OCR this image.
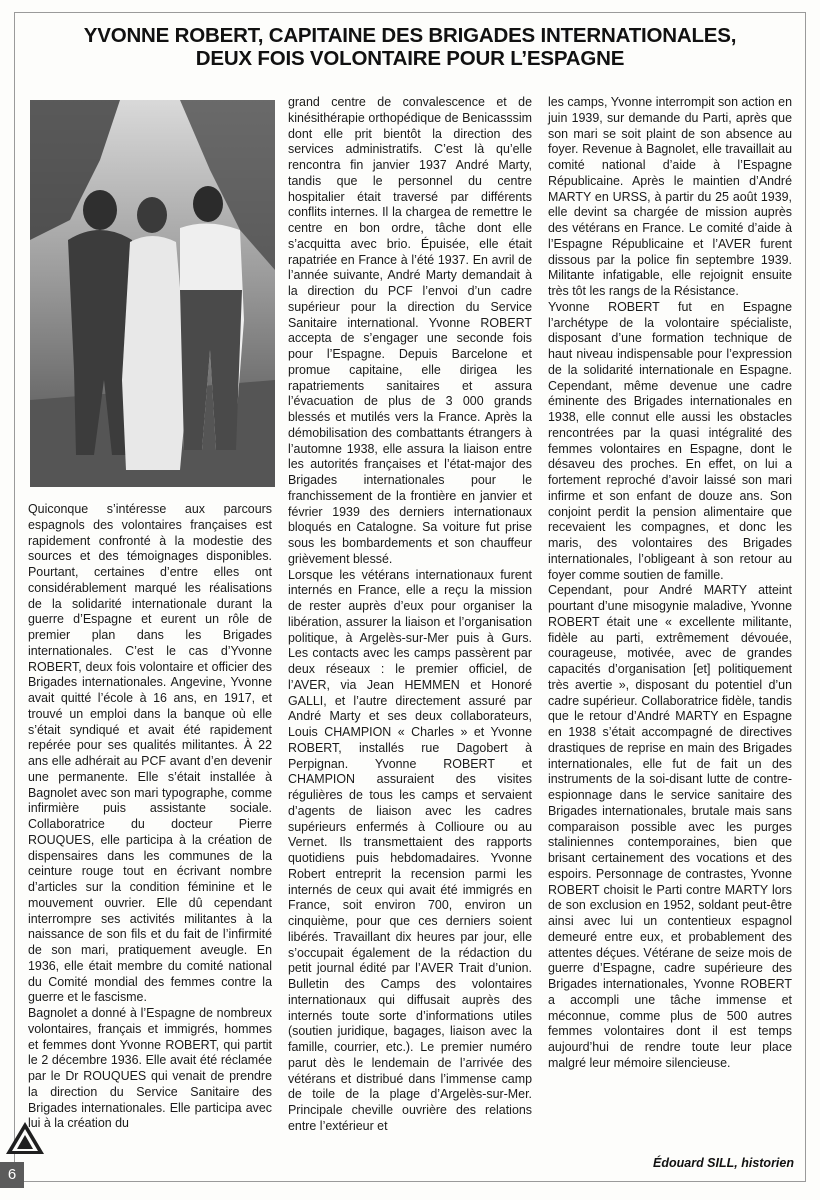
YVONNE ROBERT, CAPITAINE DES BRIGADES INTERNATIONALES,
DEUX FOIS VOLONTAIRE POUR L’ESPAGNE

Quiconque s’intéresse aux parcours espagnols des volontaires françaises est rapidement confronté à la modestie des sources et des témoignages disponibles. Pourtant, certaines d’entre elles ont considérablement marqué les réalisations de la solidarité internationale durant la guerre d’Espagne et eurent un rôle de premier plan dans les Brigades internationales. C’est le cas d’Yvonne ROBERT, deux fois volontaire et officier des Brigades internationales. Angevine, Yvonne avait quitté l’école à 16 ans, en 1917, et trouvé un emploi dans la banque où elle s’était syndiqué et avait été rapidement repérée pour ses qualités militantes. À 22 ans elle adhérait au PCF avant d’en devenir une permanente. Elle s’était installée à Bagnolet avec son mari typographe, comme infirmière puis assistante sociale. Collaboratrice du docteur Pierre ROUQUES, elle participa à la création de dispensaires dans les communes de la ceinture rouge tout en écrivant nombre d’articles sur la condition féminine et le mouvement ouvrier. Elle dû cependant interrompre ses activités militantes à la naissance de son fils et du fait de l’infirmité de son mari, pratiquement aveugle. En 1936, elle était membre du comité national du Comité mondial des femmes contre la guerre et le fascisme.

Bagnolet a donné à l’Espagne de nombreux volontaires, français et immigrés, hommes et femmes dont Yvonne ROBERT, qui partit le 2 décembre 1936. Elle avait été réclamée par le Dr ROUQUES qui venait de prendre la direction du Service Sanitaire des Brigades internationales. Elle participa avec lui à la création du

grand centre de convalescence et de kinésithérapie orthopédique de Benicasssim dont elle prit bientôt la direction des services administratifs. C’est là qu’elle rencontra fin janvier 1937 André Marty, tandis que le personnel du centre hospitalier était traversé par différents conflits internes. Il la chargea de remettre le centre en bon ordre, tâche dont elle s’acquitta avec brio. Épuisée, elle était rapatriée en France à l’été 1937. En avril de l’année suivante, André Marty demandait à la direction du PCF l’envoi d’un cadre supérieur pour la direction du Service Sanitaire international. Yvonne ROBERT accepta de s’engager une seconde fois pour l’Espagne. Depuis Barcelone et promue capitaine, elle dirigea les rapatriements sanitaires et assura l’évacuation de plus de 3 000 grands blessés et mutilés vers la France. Après la démobilisation des combattants étrangers à l’automne 1938, elle assura la liaison entre les autorités françaises et l’état-major des Brigades internationales pour le franchissement de la frontière en janvier et février 1939 des derniers internationaux bloqués en Catalogne. Sa voiture fut prise sous les bombardements et son chauffeur grièvement blessé.

Lorsque les vétérans internationaux furent internés en France, elle a reçu la mission de rester auprès d’eux pour organiser la libération, assurer la liaison et l’organisation politique, à Argelès-sur-Mer puis à Gurs. Les contacts avec les camps passèrent par deux réseaux : le premier officiel, de l’AVER, via Jean HEMMEN et Honoré GALLI, et l’autre directement assuré par André Marty et ses deux collaborateurs, Louis CHAMPION « Charles » et Yvonne ROBERT, installés rue Dagobert à Perpignan. Yvonne ROBERT et CHAMPION assuraient des visites régulières de tous les camps et servaient d’agents de liaison avec les cadres supérieurs enfermés à Collioure ou au Vernet. Ils transmettaient des rapports quotidiens puis hebdomadaires. Yvonne Robert entreprit la recension parmi les internés de ceux qui avait été immigrés en France, soit environ 700, environ un cinquième, pour que ces derniers soient libérés. Travaillant dix heures par jour, elle s’occupait également de la rédaction du petit journal édité par l’AVER Trait d’union. Bulletin des Camps des volontaires internationaux qui diffusait auprès des internés toute sorte d’informations utiles (soutien juridique, bagages, liaison avec la famille, courrier, etc.). Le premier numéro parut dès le lendemain de l’arrivée des vétérans et distribué dans l’immense camp de toile de la plage d’Argelès-sur-Mer. Principale cheville ouvrière des relations entre l’extérieur et

les camps, Yvonne interrompit son action en juin 1939, sur demande du Parti, après que son mari se soit plaint de son absence au foyer. Revenue à Bagnolet, elle travaillait au comité national d’aide à l’Espagne Républicaine. Après le maintien d’André MARTY en URSS, à partir du 25 août 1939, elle devint sa chargée de mission auprès des vétérans en France. Le comité d’aide à l’Espagne Républicaine et l’AVER furent dissous par la police fin septembre 1939. Militante infatigable, elle rejoignit ensuite très tôt les rangs de la Résistance.

Yvonne ROBERT fut en Espagne l’archétype de la volontaire spécialiste, disposant d’une formation technique de haut niveau indispensable pour l’expression de la solidarité internationale en Espagne. Cependant, même devenue une cadre éminente des Brigades internationales en 1938, elle connut elle aussi les obstacles rencontrées par la quasi intégralité des femmes volontaires en Espagne, dont le désaveu des proches. En effet, on lui a fortement reproché d’avoir laissé son mari infirme et son enfant de douze ans. Son conjoint perdit la pension alimentaire que recevaient les compagnes, et donc les maris, des volontaires des Brigades internationales, l’obligeant à son retour au foyer comme soutien de famille.

Cependant, pour André MARTY atteint pourtant d’une misogynie maladive, Yvonne ROBERT était une « excellente militante, fidèle au parti, extrêmement dévouée, courageuse, motivée, avec de grandes capacités d’organisation [et] politiquement très avertie », disposant du potentiel d’un cadre supérieur. Collaboratrice fidèle, tandis que le retour d’André MARTY en Espagne en 1938 s’était accompagné de directives drastiques de reprise en main des Brigades internationales, elle fut de fait un des instruments de la soi-disant lutte de contre-espionnage dans le service sanitaire des Brigades internationales, brutale mais sans comparaison possible avec les purges staliniennes contemporaines, bien que brisant certainement des vocations et des espoirs. Personnage de contrastes, Yvonne ROBERT choisit le Parti contre MARTY lors de son exclusion en 1952, soldant peut-être ainsi avec lui un contentieux espagnol demeuré entre eux, et probablement des attentes déçues. Vétérane de seize mois de guerre d’Espagne, cadre supérieure des Brigades internationales, Yvonne ROBERT a accompli une tâche immense et méconnue, comme plus de 500 autres femmes volontaires dont il est temps aujourd’hui de rendre toute leur place malgré leur mémoire silencieuse.

Édouard SILL, historien
6
